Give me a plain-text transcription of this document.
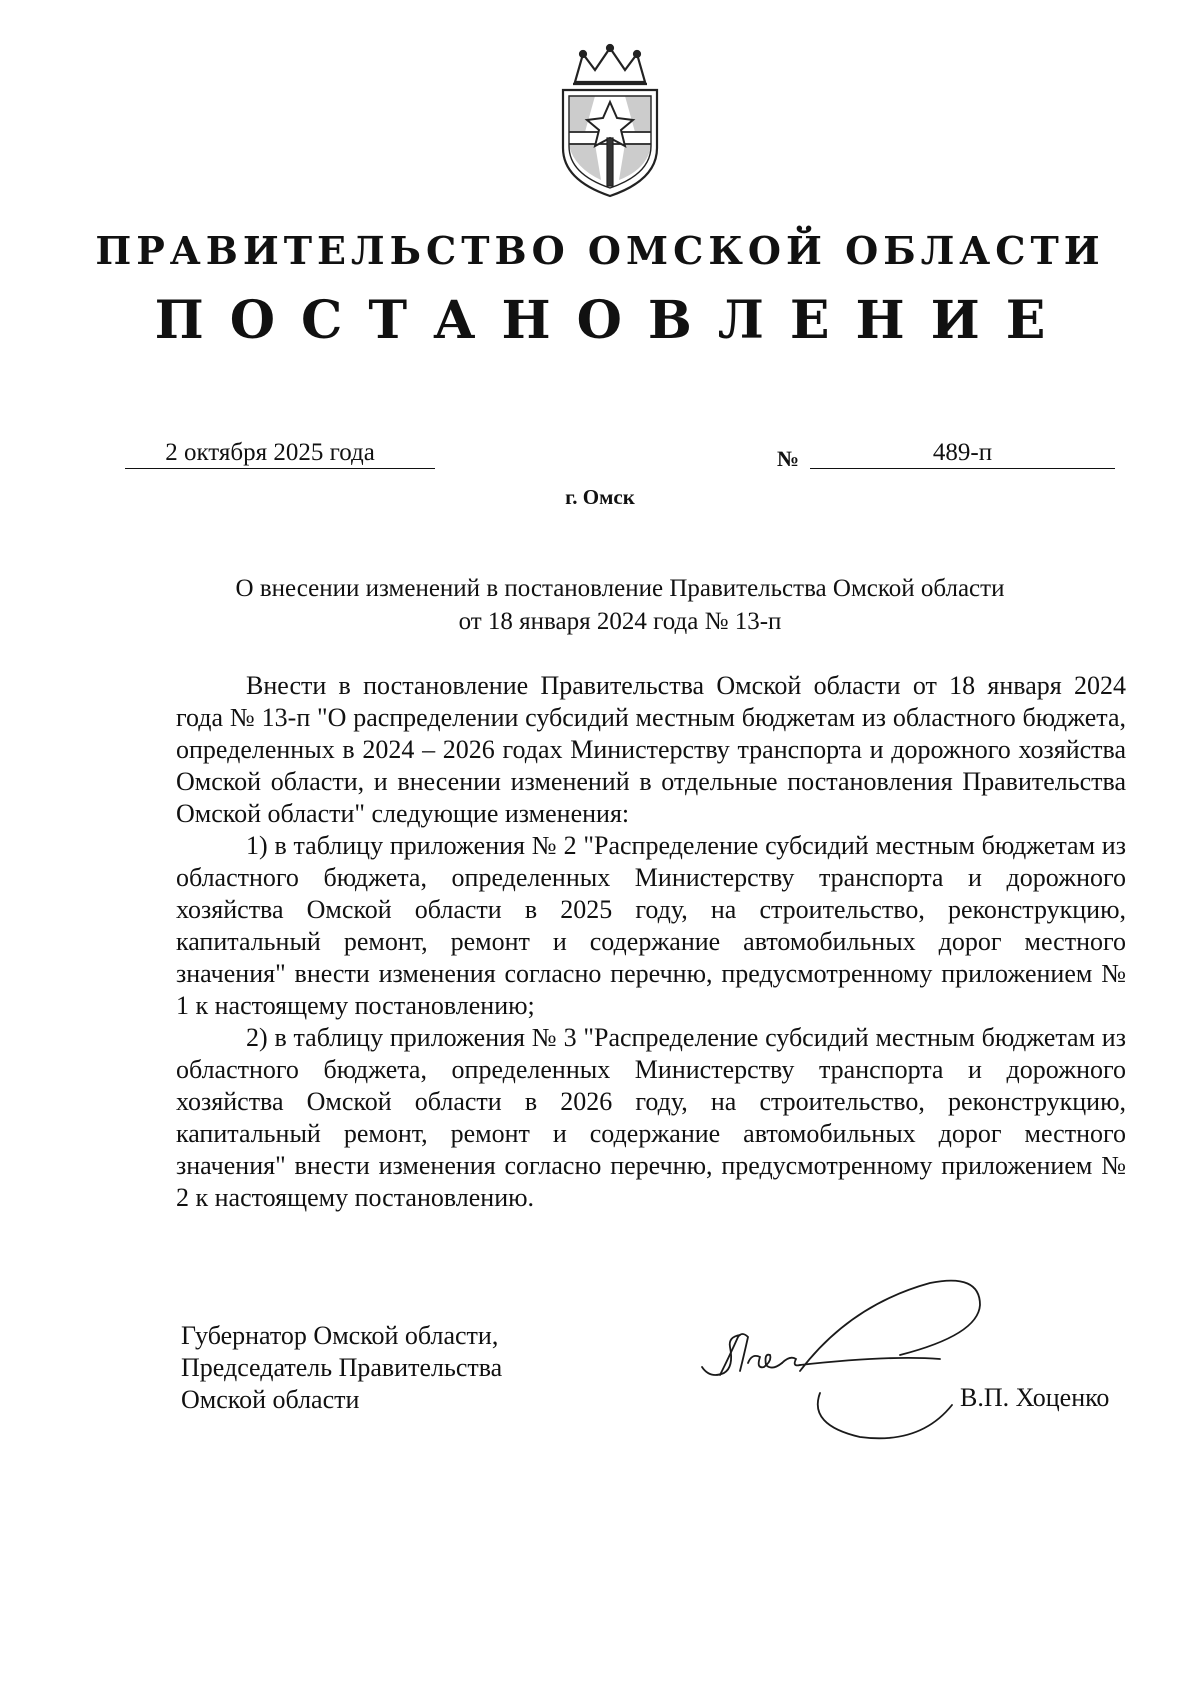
ПРАВИТЕЛЬСТВО ОМСКОЙ ОБЛАСТИ
ПОСТАНОВЛЕНИЕ
2 октября 2025 года	№	489-п
г. Омск
О внесении изменений в постановление Правительства Омской области
от 18 января 2024 года № 13-п

Внести в постановление Правительства Омской области от 18 января 2024 года № 13-п "О распределении субсидий местным бюджетам из областного бюджета, определенных в 2024 – 2026 годах Министерству транспорта и дорожного хозяйства Омской области, и внесении изменений в отдельные постановления Правительства Омской области" следующие изменения:

1) в таблицу приложения № 2 "Распределение субсидий местным бюджетам из областного бюджета, определенных Министерству транспорта и дорожного хозяйства Омской области в 2025 году, на строительство, реконструкцию, капитальный ремонт, ремонт и содержание автомобильных дорог местного значения" внести изменения согласно перечню, предусмотренному приложением № 1 к настоящему постановлению;

2) в таблицу приложения № 3 "Распределение субсидий местным бюджетам из областного бюджета, определенных Министерству транспорта и дорожного хозяйства Омской области в 2026 году, на строительство, реконструкцию, капитальный ремонт, ремонт и содержание автомобильных дорог местного значения" внести изменения согласно перечню, предусмотренному приложением № 2 к настоящему постановлению.

Губернатор Омской области,
Председатель Правительства
Омской области	В.П. Хоценко
